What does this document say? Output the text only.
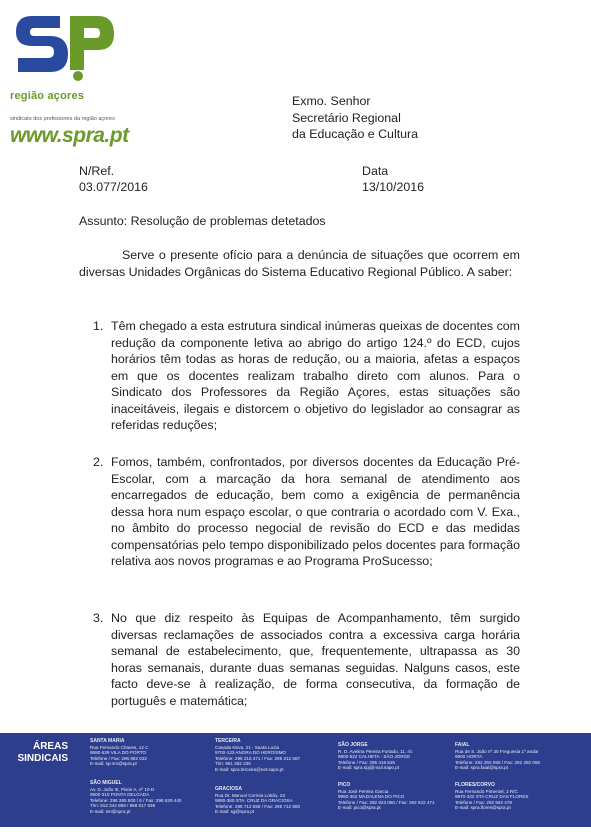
região açores
sindicato dos professores da região açores
www.spra.pt
Exmo. Senhor
Secretário Regional
da Educação e Cultura
N/Ref.
03.077/2016
Data
13/10/2016
Assunto: Resolução de problemas detetados
Serve o presente ofício para a denúncia de situações que ocorrem em diversas Unidades Orgânicas do Sistema Educativo Regional Público. A saber:
1. Têm chegado a esta estrutura sindical inúmeras queixas de docentes com redução da componente letiva ao abrigo do artigo 124.º do ECD, cujos horários têm todas as horas de redução, ou a maioria, afetas a espaços em que os docentes realizam trabalho direto com alunos. Para o Sindicato dos Professores da Região Açores, estas situações são inaceitáveis, ilegais e distorcem o objetivo do legislador ao consagrar as referidas reduções;
2. Fomos, também, confrontados, por diversos docentes da Educação Pré-Escolar, com a marcação da hora semanal de atendimento aos encarregados de educação, bem como a exigência de permanência dessa hora num espaço escolar, o que contraria o acordado com V. Exa., no âmbito do processo negocial de revisão do ECD e das medidas compensatórias pelo tempo disponibilizado pelos docentes para formação relativa aos novos programas e ao Programa ProSucesso;
3. No que diz respeito às Equipas de Acompanhamento, têm surgido diversas reclamações de associados contra a excessiva carga horária semanal de estabelecimento, que, frequentemente, ultrapassa as 30 horas semanais, durante duas semanas seguidas. Nalguns casos, este facto deve-se à realização, de forma consecutiva, da formação de português e matemática;
ÁREAS SINDICAIS
SANTA MARIA
Rua Fernando Chaves, 12 C
9580-539 VILA DO PORTO
Telefone / Fax: 296 882 632
E-mail: sp-sm@spra.pt
SÃO MIGUEL
Av. D. João III, Pisos A, nº 10-D
9500-310 PONTA DELGADA
Telefone: 296 285 900 / 6 / Fax: 296 629 440
Tlm: 912 344 869 / 968 617 636
E-mail: sm@spra.pt
TERCEIRA
Canada Nova, 21 - Santa Luzia
9700-133 ANGRA DO HEROÍSMO
Telefone: 295 215 471 / Fax: 295 212 687
Tlm: 961 362 236
E-mail: spra.terceira@net.sapo.pt
GRACIOSA
Rua Dr. Manuel Correia Lobão, 23
9880-380 STA. CRUZ DA GRACIOSA
Telefone: 295 712 555 / Fax: 295 712 880
E-mail: sg@spra.pt
SÃO JORGE
R. D. Avelina Pereira Furtado, 11, r/c
9800-522 CALHETA - SÃO JORGE
Telefone / Fax: 295 416 525
E-mail: spra.spj@mail.sapo.pt
PICO
Rua José Pereira Garcia
9950-362 MADALENA DO PICO
Telefone / Fax: 292 623 050 / Fax: 292 622 471
E-mail: pico@spra.pt
FAIAL
Rua de S. João nº 30 Freguesia 1º andar
9900 HORTA
Telefone: 292 292 050 / Fax: 292 292 050
E-mail: spra.faial@spra.pt
FLORES/CORVO
Rua Fernando Pimentel, 2 R/C
9970-332 STA CRUZ DAS FLORES
Telefone / Fax: 292 592 478
E-mail: spra.flores@spra.pt
